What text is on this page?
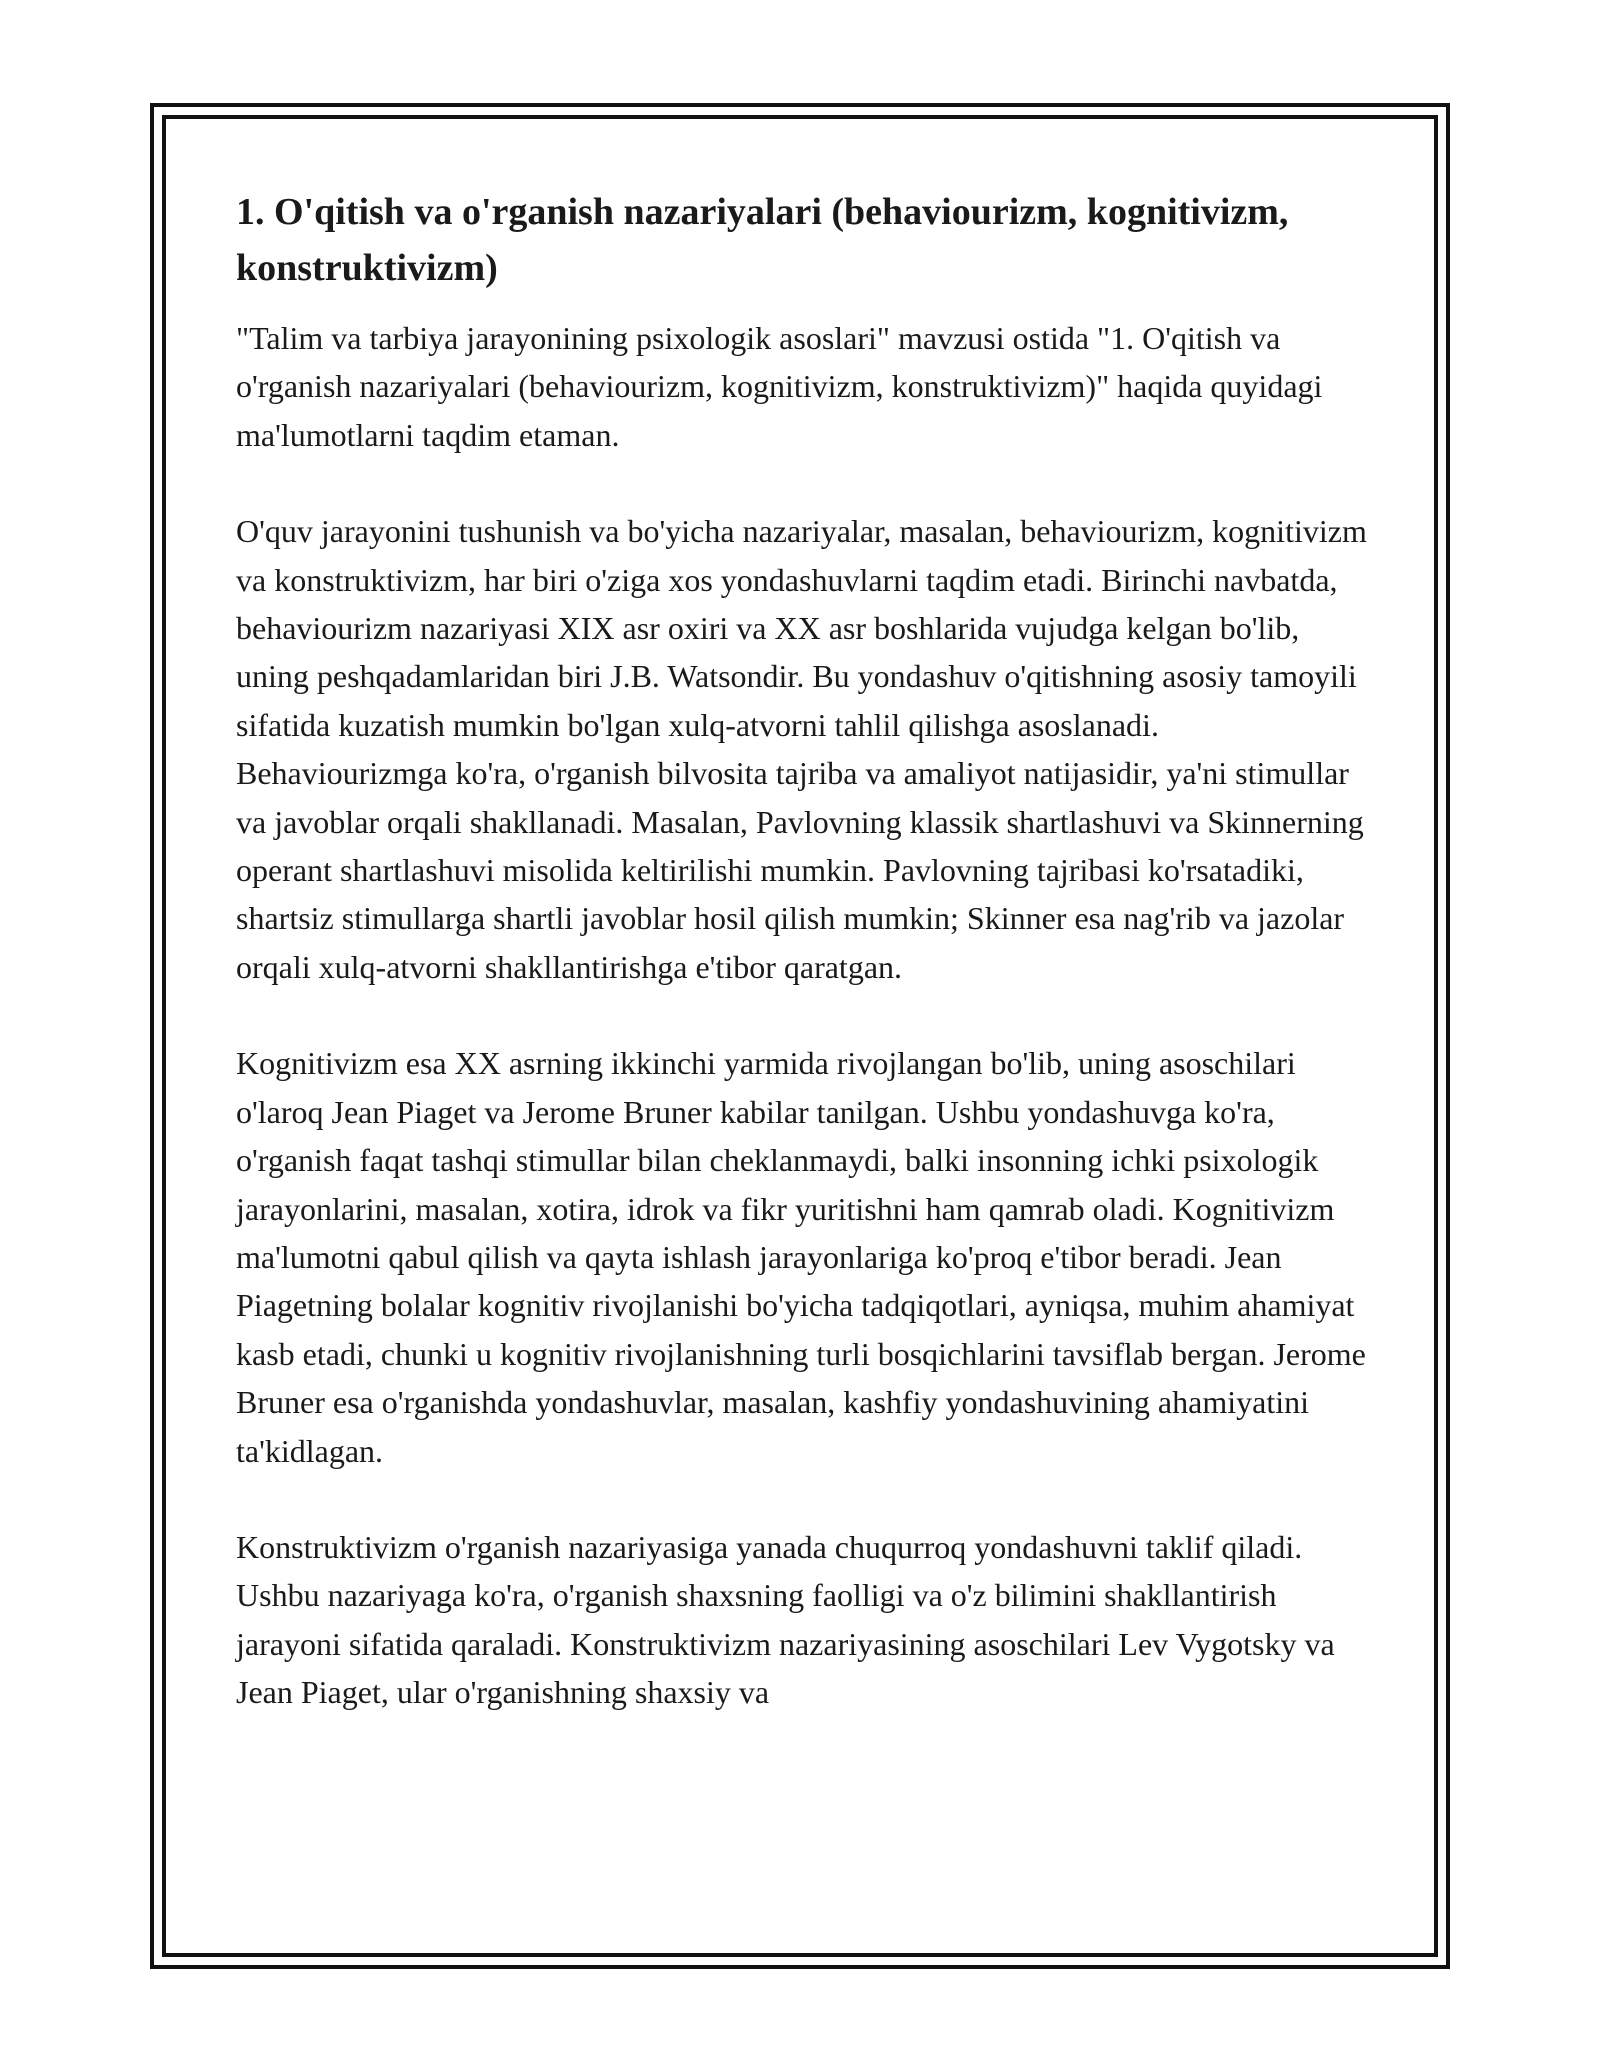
1. O'qitish va o'rganish nazariyalari (behaviourizm, kognitivizm, konstruktivizm)

"Talim va tarbiya jarayonining psixologik asoslari" mavzusi ostida "1. O'qitish va o'rganish nazariyalari (behaviourizm, kognitivizm, konstruktivizm)" haqida quyidagi ma'lumotlarni taqdim etaman.

O'quv jarayonini tushunish va bo'yicha nazariyalar, masalan, behaviourizm, kognitivizm va konstruktivizm, har biri o'ziga xos yondashuvlarni taqdim etadi. Birinchi navbatda, behaviourizm nazariyasi XIX asr oxiri va XX asr boshlarida vujudga kelgan bo'lib, uning peshqadamlaridan biri J.B. Watsondir. Bu yondashuv o'qitishning asosiy tamoyili sifatida kuzatish mumkin bo'lgan xulq-atvorni tahlil qilishga asoslanadi. Behaviourizmga ko'ra, o'rganish bilvosita tajriba va amaliyot natijasidir, ya'ni stimullar va javoblar orqali shakllanadi. Masalan, Pavlovning klassik shartlashuvi va Skinnerning operant shartlashuvi misolida keltirilishi mumkin. Pavlovning tajribasi ko'rsatadiki, shartsiz stimullarga shartli javoblar hosil qilish mumkin; Skinner esa nag'rib va jazolar orqali xulq-atvorni shakllantirishga e'tibor qaratgan.

Kognitivizm esa XX asrning ikkinchi yarmida rivojlangan bo'lib, uning asoschilari o'laroq Jean Piaget va Jerome Bruner kabilar tanilgan. Ushbu yondashuvga ko'ra, o'rganish faqat tashqi stimullar bilan cheklanmaydi, balki insonning ichki psixologik jarayonlarini, masalan, xotira, idrok va fikr yuritishni ham qamrab oladi. Kognitivizm ma'lumotni qabul qilish va qayta ishlash jarayonlariga ko'proq e'tibor beradi. Jean Piagetning bolalar kognitiv rivojlanishi bo'yicha tadqiqotlari, ayniqsa, muhim ahamiyat kasb etadi, chunki u kognitiv rivojlanishning turli bosqichlarini tavsiflab bergan. Jerome Bruner esa o'rganishda yondashuvlar, masalan, kashfiy yondashuvining ahamiyatini ta'kidlagan.

Konstruktivizm o'rganish nazariyasiga yanada chuqurroq yondashuvni taklif qiladi. Ushbu nazariyaga ko'ra, o'rganish shaxsning faolligi va o'z bilimini shakllantirish jarayoni sifatida qaraladi. Konstruktivizm nazariyasining asoschilari Lev Vygotsky va Jean Piaget, ular o'rganishning shaxsiy va
